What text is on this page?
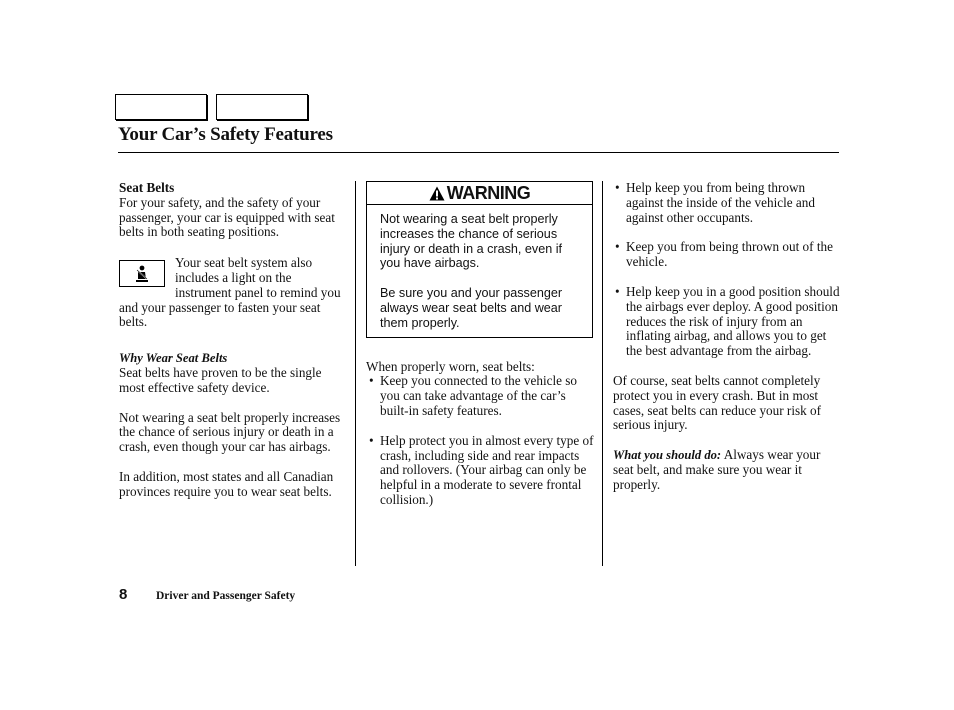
Your Car’s Safety Features

Seat Belts

For your safety, and the safety of your passenger, your car is equipped with seat belts in both seating positions.

Your seat belt system also includes a light on the instrument panel to remind you and your passenger to fasten your seat belts.

Why Wear Seat Belts

Seat belts have proven to be the single most effective safety device.

Not wearing a seat belt properly increases the chance of serious injury or death in a crash, even though your car has airbags.

In addition, most states and all Canadian provinces require you to wear seat belts.

WARNING

Not wearing a seat belt properly increases the chance of serious injury or death in a crash, even if you have airbags.

Be sure you and your passenger always wear seat belts and wear them properly.

When properly worn, seat belts:

• Keep you connected to the vehicle so you can take advantage of the car’s built-in safety features.
• Help protect you in almost every type of crash, including side and rear impacts and rollovers. (Your airbag can only be helpful in a moderate to severe frontal collision.)
• Help keep you from being thrown against the inside of the vehicle and against other occupants.
• Keep you from being thrown out of the vehicle.
• Help keep you in a good position should the airbags ever deploy. A good position reduces the risk of injury from an inflating airbag, and allows you to get the best advantage from the airbag.

Of course, seat belts cannot completely protect you in every crash. But in most cases, seat belts can reduce your risk of serious injury.

What you should do: Always wear your seat belt, and make sure you wear it properly.

8 Driver and Passenger Safety
